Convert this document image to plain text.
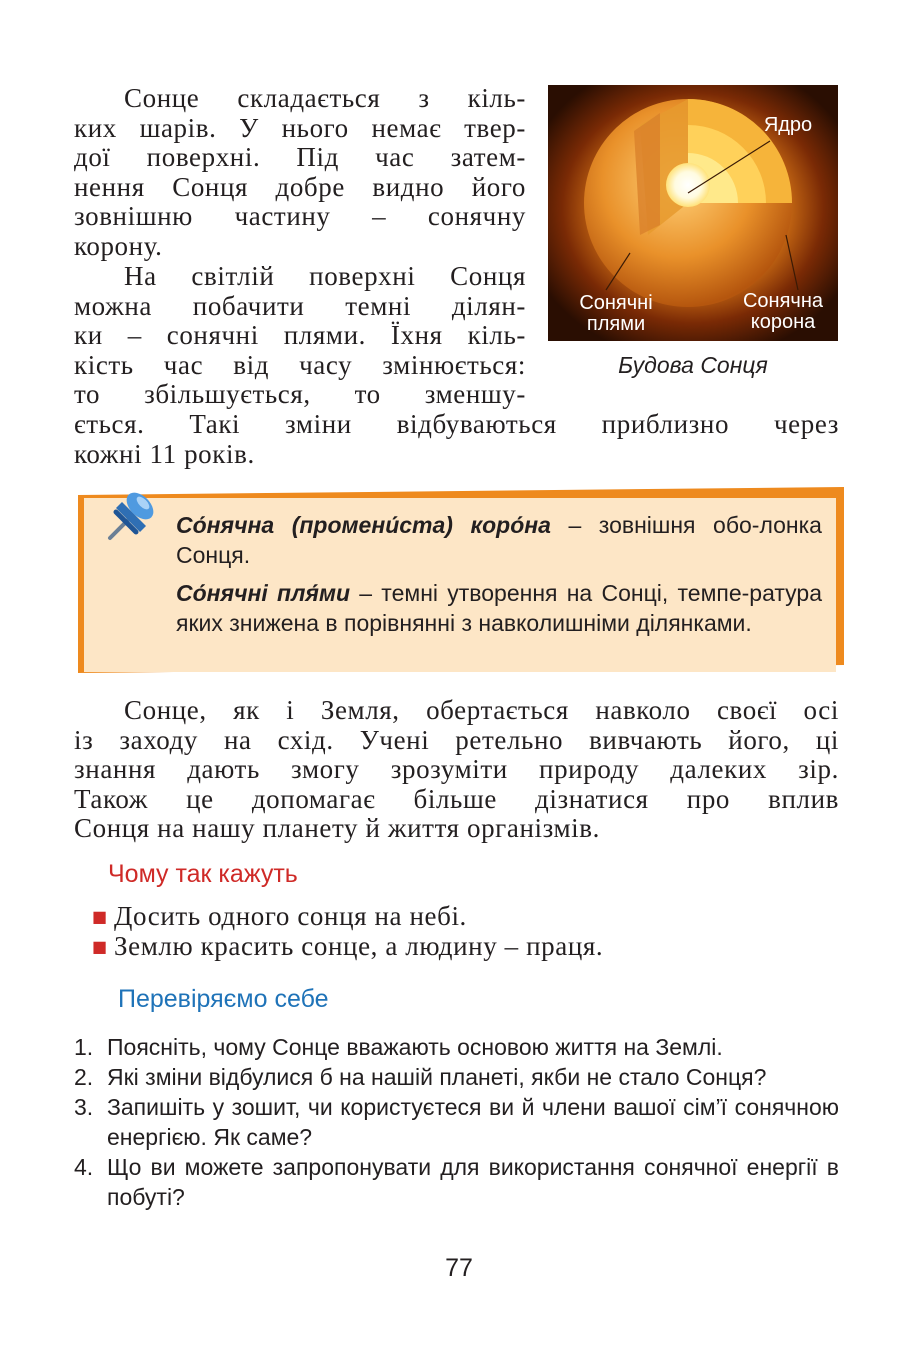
Сонце складається з кіль-
ких шарів. У нього немає твер-
дої поверхні. Під час затем-
нення Сонця добре видно його
зовнішню частину – сонячну
корону.
На світлій поверхні Сонця
можна побачити темні ділян-
ки – сонячні плями. Їхня кіль-
кість час від часу змінюється:
то збільшується, то зменшу-
ється. Такі зміни відбуваються приблизно через
кожні 11 років.
Ядро
Сонячні плями
Сонячна корона
Будова Сонця
Со́нячна (промени́ста) коро́на – зовнішня обо-лонка Сонця.
Со́нячні пля́ми – темні утворення на Сонці, темпе-ратура яких знижена в порівнянні з навколишніми ділянками.
Сонце, як і Земля, обертається навколо своєї осі
із заходу на схід. Учені ретельно вивчають його, ці
знання дають змогу зрозуміти природу далеких зір.
Також це допомагає більше дізнатися про вплив
Сонця на нашу планету й життя організмів.
Чому так кажуть
■ Досить одного сонця на небі.
■ Землю красить сонце, а людину – праця.
Перевіряємо себе
1. Поясніть, чому Сонце вважають основою життя на Землі.
2. Які зміни відбулися б на нашій планеті, якби не стало Сонця?
3. Запишіть у зошит, чи користуєтеся ви й члени вашої сім’ї сонячною енергією. Як саме?
4. Що ви можете запропонувати для використання сонячної енергії в побуті?
77
